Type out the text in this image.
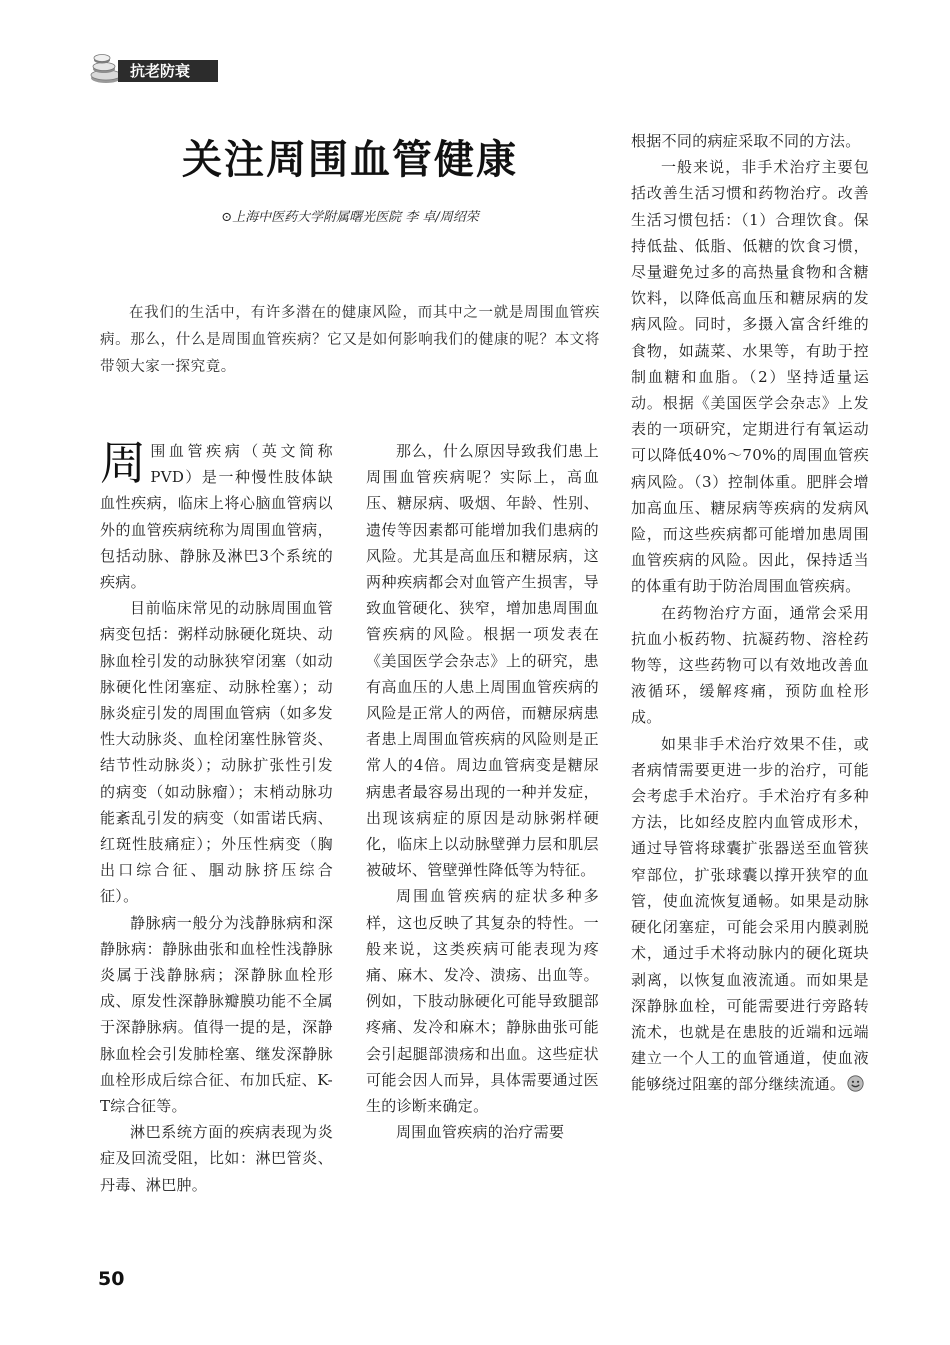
抗老防衰
关注周围血管健康
⊙上海中医药大学附属曙光医院 李 卓/周绍荣

在我们的生活中，有许多潜在的健康风险，而其中之一就是周围血管疾病。那么，什么是周围血管疾病？它又是如何影响我们的健康的呢？本文将带领大家一探究竟。

周围血管疾病（英文简称PVD）是一种慢性肢体缺血性疾病，临床上将心脑血管病以外的血管疾病统称为周围血管病，包括动脉、静脉及淋巴3个系统的疾病。

目前临床常见的动脉周围血管病变包括：粥样动脉硬化斑块、动脉血栓引发的动脉狭窄闭塞（如动脉硬化性闭塞症、动脉栓塞）；动脉炎症引发的周围血管病（如多发性大动脉炎、血栓闭塞性脉管炎、结节性动脉炎）；动脉扩张性引发的病变（如动脉瘤）；末梢动脉功能紊乱引发的病变（如雷诺氏病、红斑性肢痛症）；外压性病变（胸出口综合征、腘动脉挤压综合征）。

静脉病一般分为浅静脉病和深静脉病：静脉曲张和血栓性浅静脉炎属于浅静脉病；深静脉血栓形成、原发性深静脉瓣膜功能不全属于深静脉病。值得一提的是，深静脉血栓会引发肺栓塞、继发深静脉血栓形成后综合征、布加氏症、K-T综合征等。

淋巴系统方面的疾病表现为炎症及回流受阻，比如：淋巴管炎、丹毒、淋巴肿。

那么，什么原因导致我们患上周围血管疾病呢？实际上，高血压、糖尿病、吸烟、年龄、性别、遗传等因素都可能增加我们患病的风险。尤其是高血压和糖尿病，这两种疾病都会对血管产生损害，导致血管硬化、狭窄，增加患周围血管疾病的风险。根据一项发表在《美国医学会杂志》上的研究，患有高血压的人患上周围血管疾病的风险是正常人的两倍，而糖尿病患者患上周围血管疾病的风险则是正常人的4倍。周边血管病变是糖尿病患者最容易出现的一种并发症，出现该病症的原因是动脉粥样硬化，临床上以动脉壁弹力层和肌层被破坏、管壁弹性降低等为特征。

周围血管疾病的症状多种多样，这也反映了其复杂的特性。一般来说，这类疾病可能表现为疼痛、麻木、发冷、溃疡、出血等。例如，下肢动脉硬化可能导致腿部疼痛、发冷和麻木；静脉曲张可能会引起腿部溃疡和出血。这些症状可能会因人而异，具体需要通过医生的诊断来确定。

周围血管疾病的治疗需要

根据不同的病症采取不同的方法。

一般来说，非手术治疗主要包括改善生活习惯和药物治疗。改善生活习惯包括：（1）合理饮食。保持低盐、低脂、低糖的饮食习惯，尽量避免过多的高热量食物和含糖饮料，以降低高血压和糖尿病的发病风险。同时，多摄入富含纤维的食物，如蔬菜、水果等，有助于控制血糖和血脂。（2）坚持适量运动。根据《美国医学会杂志》上发表的一项研究，定期进行有氧运动可以降低40%～70%的周围血管疾病风险。（3）控制体重。肥胖会增加高血压、糖尿病等疾病的发病风险，而这些疾病都可能增加患周围血管疾病的风险。因此，保持适当的体重有助于防治周围血管疾病。

在药物治疗方面，通常会采用抗血小板药物、抗凝药物、溶栓药物等，这些药物可以有效地改善血液循环，缓解疼痛，预防血栓形成。

如果非手术治疗效果不佳，或者病情需要更进一步的治疗，可能会考虑手术治疗。手术治疗有多种方法，比如经皮腔内血管成形术，通过导管将球囊扩张器送至血管狭窄部位，扩张球囊以撑开狭窄的血管，使血流恢复通畅。如果是动脉硬化闭塞症，可能会采用内膜剥脱术，通过手术将动脉内的硬化斑块剥离，以恢复血液流通。而如果是深静脉血栓，可能需要进行旁路转流术，也就是在患肢的近端和远端建立一个人工的血管通道，使血液能够绕过阻塞的部分继续流通。

50
